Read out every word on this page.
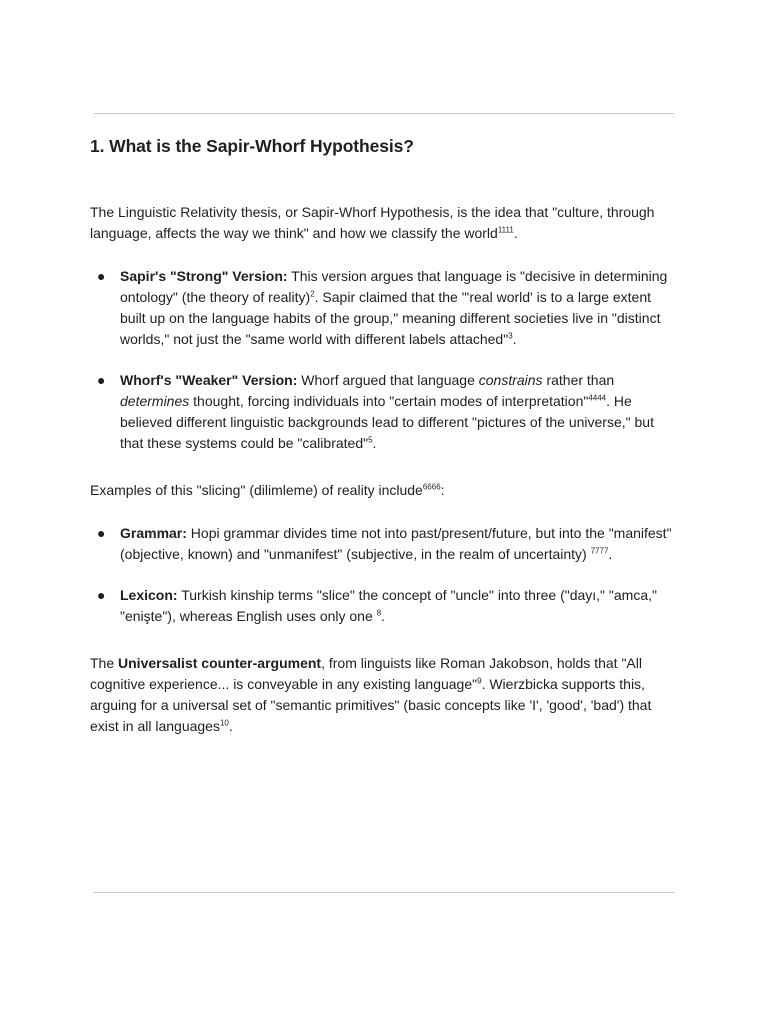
1. What is the Sapir-Whorf Hypothesis?

The Linguistic Relativity thesis, or Sapir-Whorf Hypothesis, is the idea that "culture, through language, affects the way we think" and how we classify the world$^{1111}$.

● Sapir's "Strong" Version: This version argues that language is "decisive in determining ontology" (the theory of reality)$^2$. Sapir claimed that the "'real world' is to a large extent built up on the language habits of the group," meaning different societies live in "distinct worlds," not just the "same world with different labels attached"$^3$.
● Whorf's "Weaker" Version: Whorf argued that language constrains rather than determines thought, forcing individuals into "certain modes of interpretation"$^{4444}$. He believed different linguistic backgrounds lead to different "pictures of the universe," but that these systems could be "calibrated"$^5$.

Examples of this "slicing" (dilimleme) of reality include$^{6666}$:

● Grammar: Hopi grammar divides time not into past/present/future, but into the "manifest" (objective, known) and "unmanifest" (subjective, in the realm of uncertainty) $^{7777}$.
● Lexicon: Turkish kinship terms "slice" the concept of "uncle" into three ("dayı," "amca," "enişte"), whereas English uses only one $^8$.

The Universalist counter-argument, from linguists like Roman Jakobson, holds that "All cognitive experience... is conveyable in any existing language"$^9$. Wierzbicka supports this, arguing for a universal set of "semantic primitives" (basic concepts like 'I', 'good', 'bad') that exist in all languages$^{10}$.
